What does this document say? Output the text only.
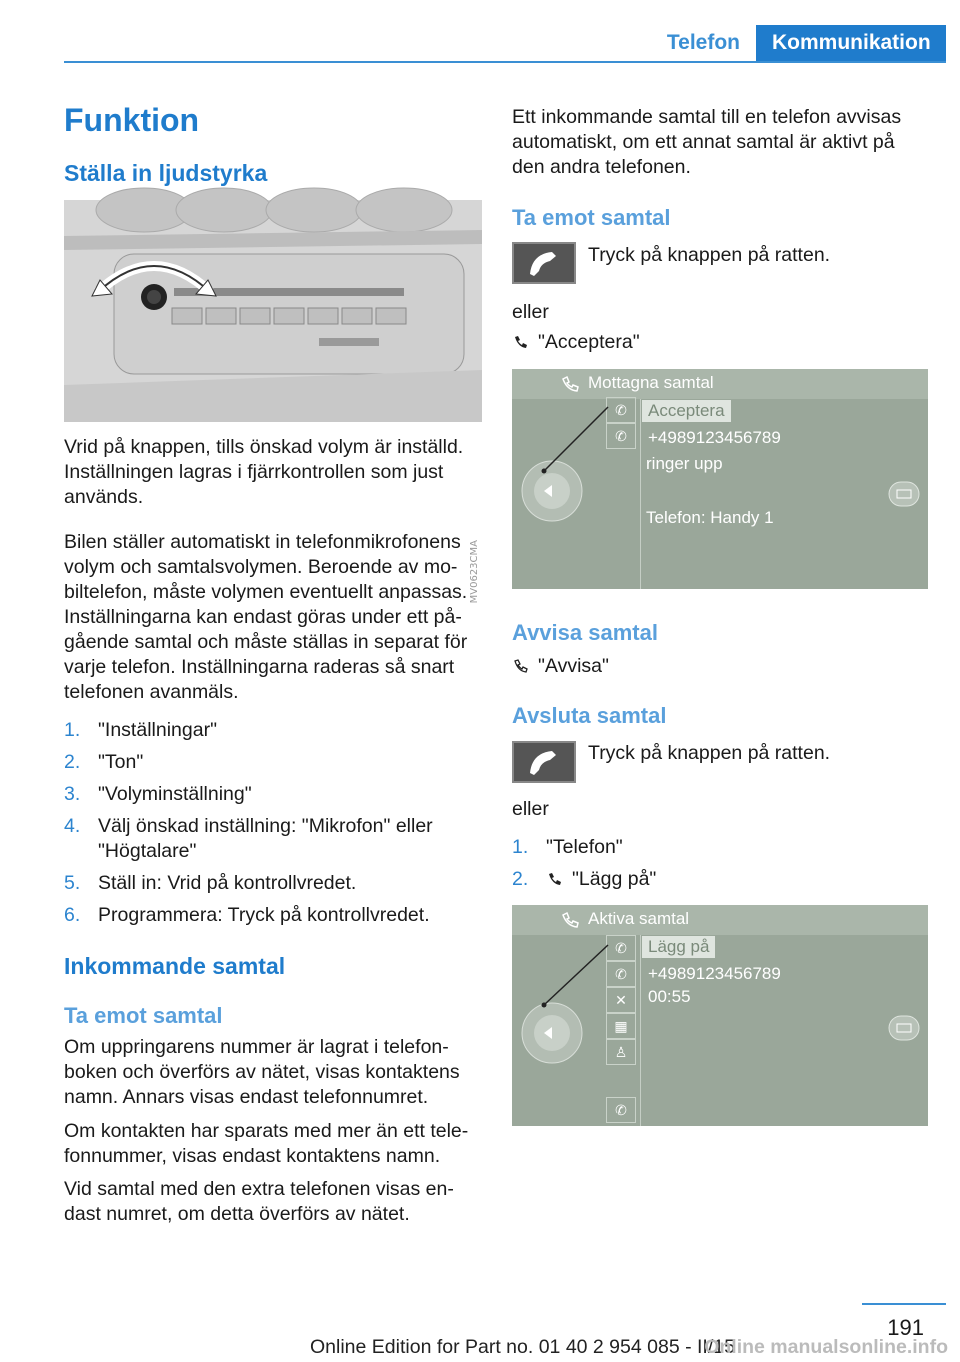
Telefon	Kommunikation
Funktion
Ställa in ljudstyrka
MV0623CMA

Vrid på knappen, tills önskad volym är inställd. Inställningen lagras i fjärrkontrollen som just används.

Bilen ställer automatiskt in telefonmikrofonens volym och samtalsvolymen. Beroende av mobiltelefon, måste volymen eventuellt anpassas. Inställningarna kan endast göras under ett pågående samtal och måste ställas in separat för varje telefon. Inställningarna raderas så snart telefonen avanmäls.

1. "Inställningar"
2. "Ton"
3. "Volyminställning"
4. Välj önskad inställning: "Mikrofon" eller "Högtalare"
5. Ställ in: Vrid på kontrollvredet.
6. Programmera: Tryck på kontrollvredet.
Inkommande samtal
Ta emot samtal

Om uppringarens nummer är lagrat i telefonboken och överförs av nätet, visas kontaktens namn. Annars visas endast telefonnumret.

Om kontakten har sparats med mer än ett telefonnummer, visas endast kontaktens namn.

Vid samtal med den extra telefonen visas endast numret, om detta överförs av nätet.

Ett inkommande samtal till en telefon avvisas automatiskt, om ett annat samtal är aktivt på den andra telefonen.

Ta emot samtal

Tryck på knappen på ratten.

eller

"Acceptera"

Mottagna samtal
✆
✆
Acceptera
+4989123456789
ringer upp
Telefon: Handy 1
Avvisa samtal

"Avvisa"

Avsluta samtal

Tryck på knappen på ratten.

eller

1. "Telefon"
2. "Lägg på"
Aktiva samtal
✆
✆
✕
▦
♙
✆
Lägg på
+4989123456789
00:55
191
Online Edition for Part no. 01 40 2 954 085 - II/15
Online manualsonline.info
